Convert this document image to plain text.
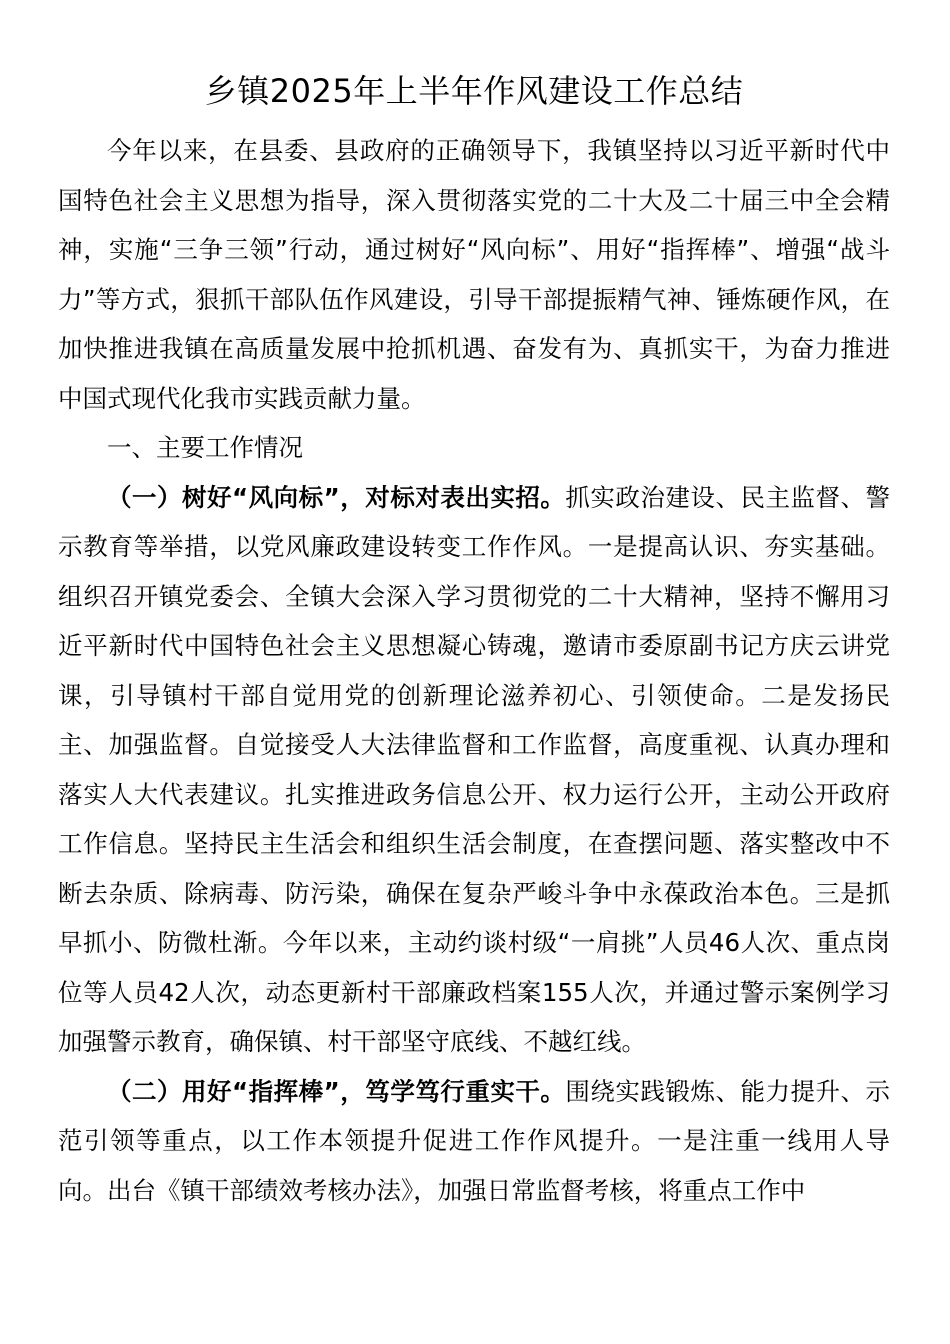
乡镇2025年上半年作风建设工作总结

今年以来，在县委、县政府的正确领导下，我镇坚持以习近平新时代中国特色社会主义思想为指导，深入贯彻落实党的二十大及二十届三中全会精神，实施“三争三领”行动，通过树好“风向标”、用好“指挥棒”、增强“战斗力”等方式，狠抓干部队伍作风建设，引导干部提振精气神、锤炼硬作风，在加快推进我镇在高质量发展中抢抓机遇、奋发有为、真抓实干，为奋力推进中国式现代化我市实践贡献力量。

一、主要工作情况

（一）树好“风向标”，对标对表出实招。抓实政治建设、民主监督、警示教育等举措，以党风廉政建设转变工作作风。一是提高认识、夯实基础。组织召开镇党委会、全镇大会深入学习贯彻党的二十大精神，坚持不懈用习近平新时代中国特色社会主义思想凝心铸魂，邀请市委原副书记方庆云讲党课，引导镇村干部自觉用党的创新理论滋养初心、引领使命。二是发扬民主、加强监督。自觉接受人大法律监督和工作监督，高度重视、认真办理和落实人大代表建议。扎实推进政务信息公开、权力运行公开，主动公开政府工作信息。坚持民主生活会和组织生活会制度，在查摆问题、落实整改中不断去杂质、除病毒、防污染，确保在复杂严峻斗争中永葆政治本色。三是抓早抓小、防微杜渐。今年以来，主动约谈村级“一肩挑”人员46人次、重点岗位等人员42人次，动态更新村干部廉政档案155人次，并通过警示案例学习加强警示教育，确保镇、村干部坚守底线、不越红线。

（二）用好“指挥棒”，笃学笃行重实干。围绕实践锻炼、能力提升、示范引领等重点，以工作本领提升促进工作作风提升。一是注重一线用人导向。出台《镇干部绩效考核办法》，加强日常监督考核，将重点工作中
